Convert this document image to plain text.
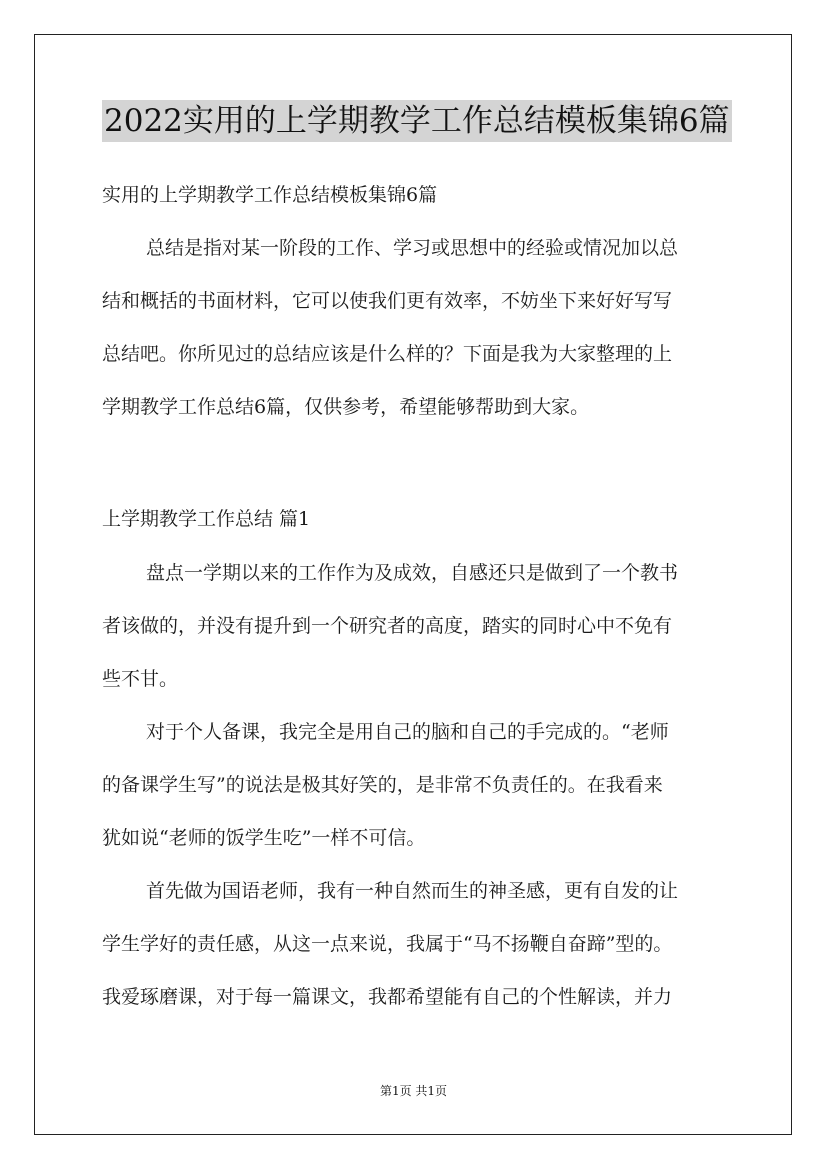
2022实用的上学期教学工作总结模板集锦6篇
实用的上学期教学工作总结模板集锦6篇
总结是指对某一阶段的工作、学习或思想中的经验或情况加以总
结和概括的书面材料，它可以使我们更有效率，不妨坐下来好好写写
总结吧。你所见过的总结应该是什么样的？下面是我为大家整理的上
学期教学工作总结6篇，仅供参考，希望能够帮助到大家。
上学期教学工作总结 篇1
盘点一学期以来的工作作为及成效，自感还只是做到了一个教书
者该做的，并没有提升到一个研究者的高度，踏实的同时心中不免有
些不甘。
对于个人备课，我完全是用自己的脑和自己的手完成的。“老师
的备课学生写”的说法是极其好笑的，是非常不负责任的。在我看来
犹如说“老师的饭学生吃”一样不可信。
首先做为国语老师，我有一种自然而生的神圣感，更有自发的让
学生学好的责任感，从这一点来说，我属于“马不扬鞭自奋蹄”型的。
我爱琢磨课，对于每一篇课文，我都希望能有自己的个性解读，并力
第1页 共1页
